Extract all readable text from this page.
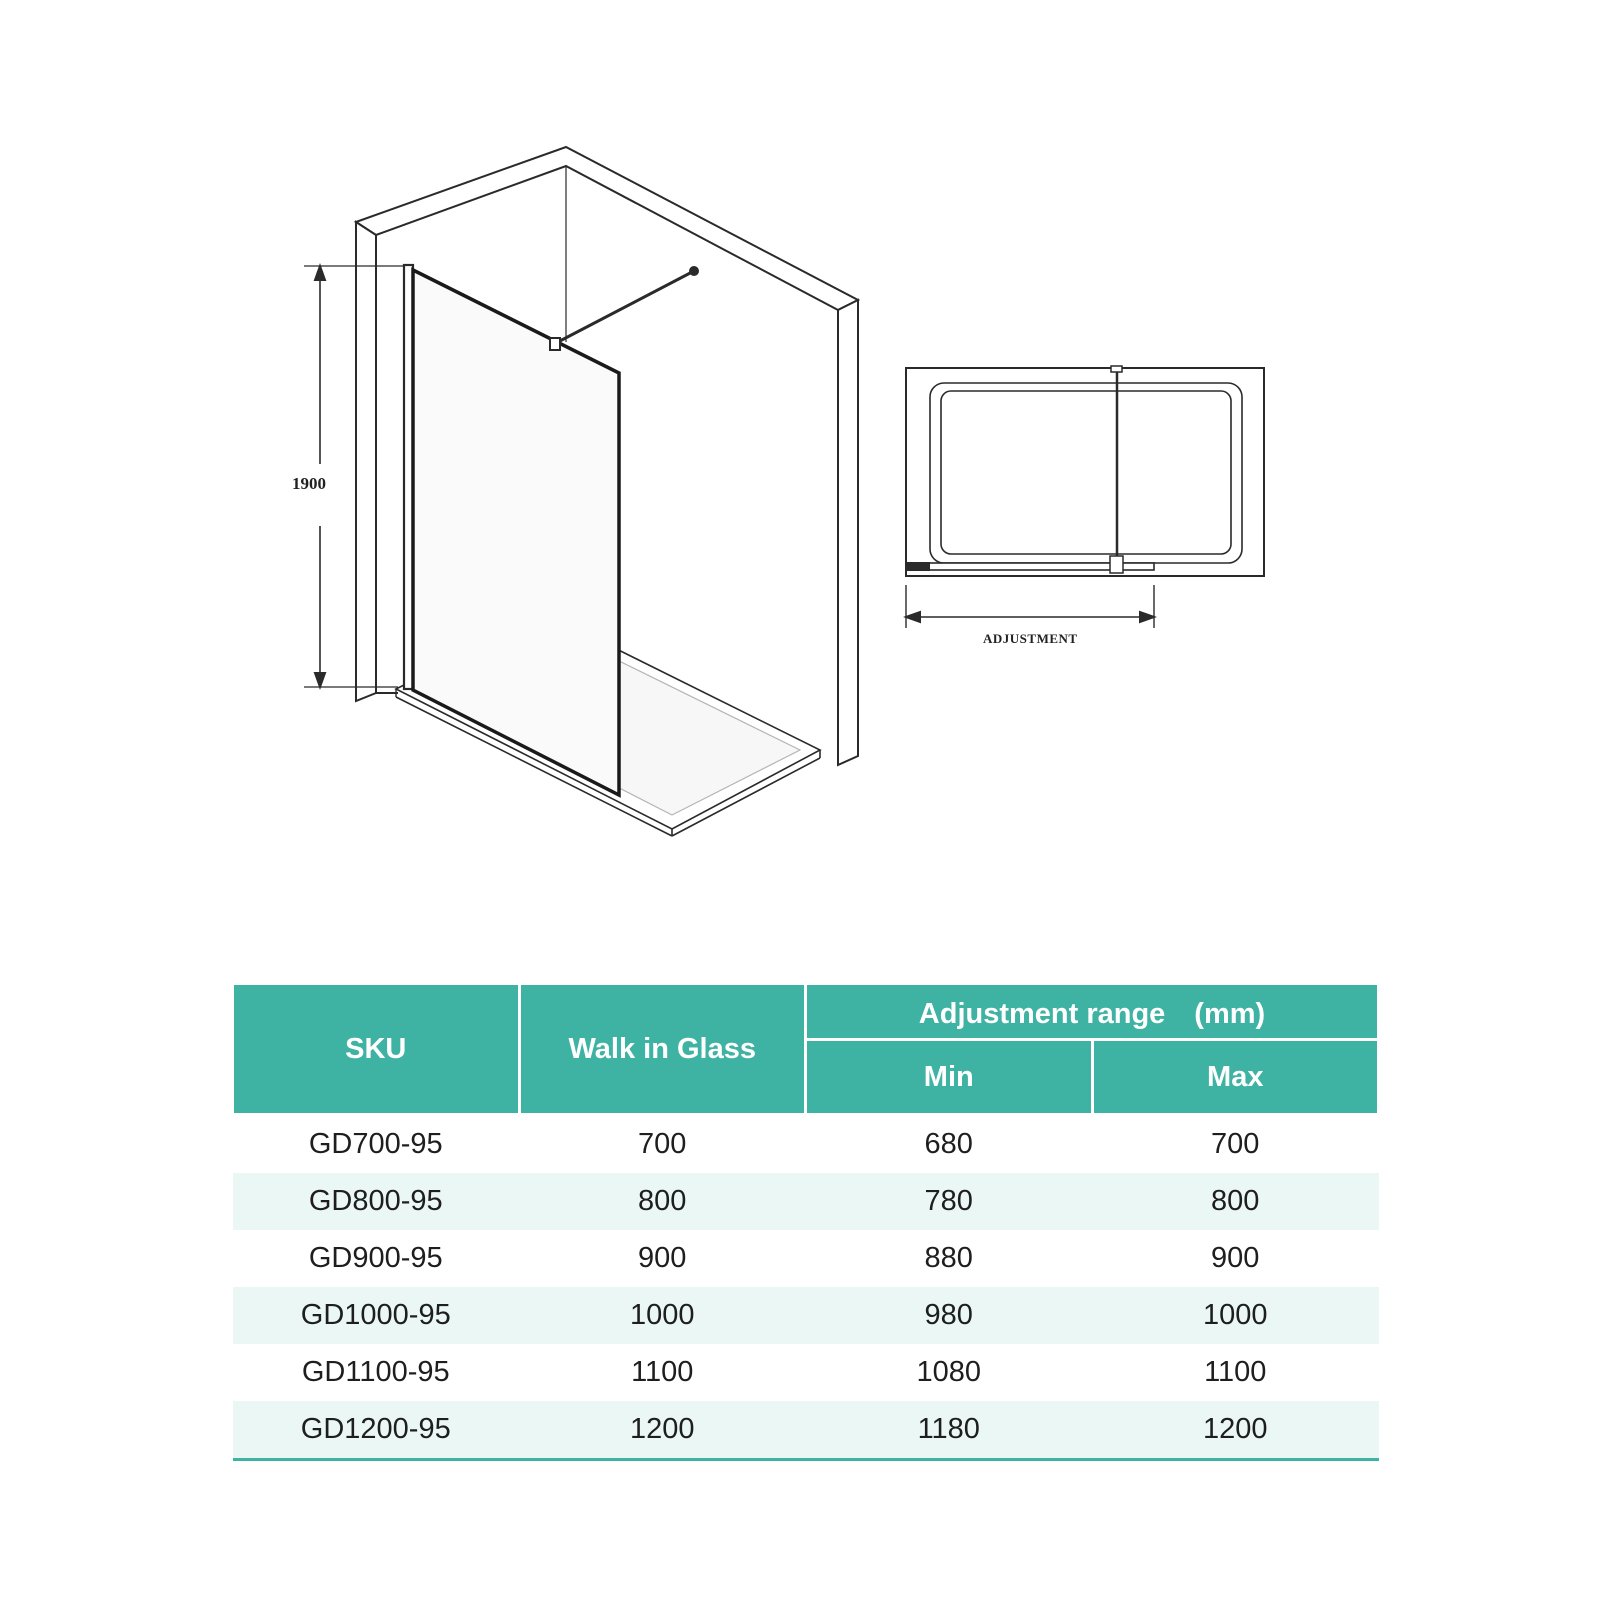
1900
ADJUSTMENT
SKU	Walk in Glass	Adjustment range　(mm)	
		Min	Max
GD700-95	700	680	700
GD800-95	800	780	800
GD900-95	900	880	900
GD1000-95	1000	980	1000
GD1100-95	1100	1080	1100
GD1200-95	1200	1180	1200
